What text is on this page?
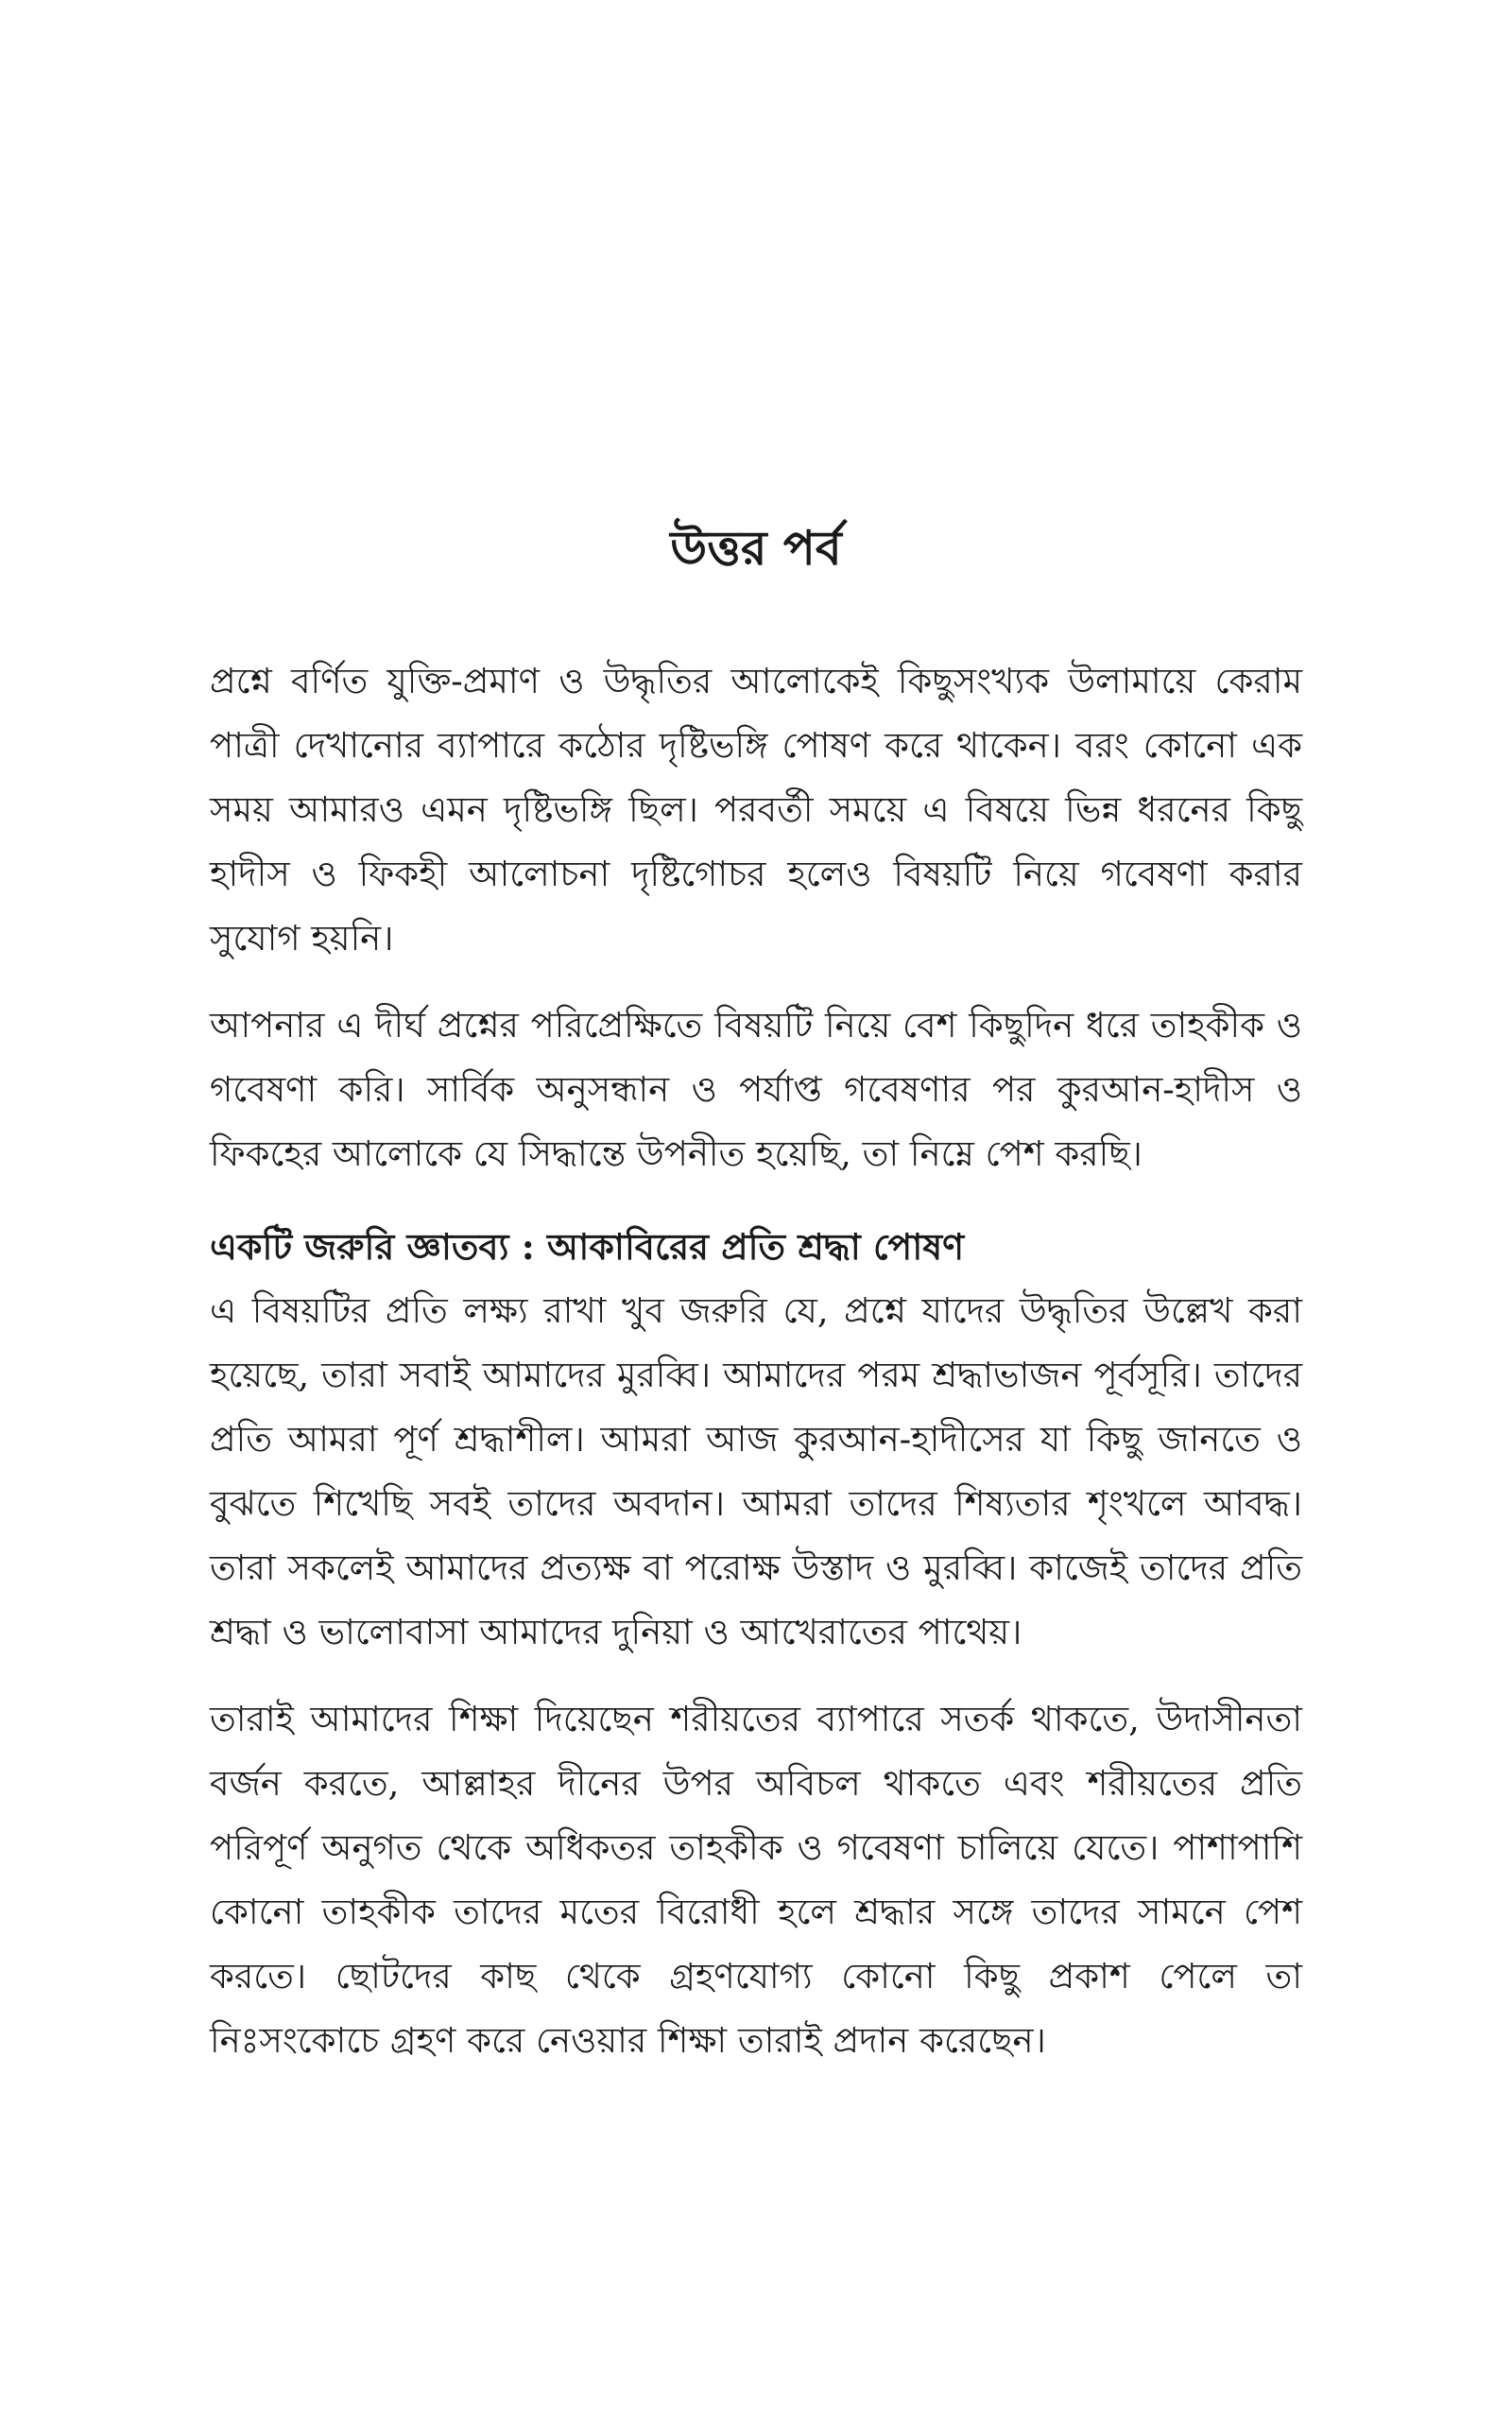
উত্তর পর্ব

প্রশ্নে বর্ণিত যুক্তি-প্রমাণ ও উদ্ধৃতির আলোকেই কিছুসংখ্যক উলামায়ে কেরাম পাত্রী দেখানোর ব্যাপারে কঠোর দৃষ্টিভঙ্গি পোষণ করে থাকেন। বরং কোনো এক সময় আমারও এমন দৃষ্টিভঙ্গি ছিল। পরবর্তী সময়ে এ বিষয়ে ভিন্ন ধরনের কিছু হাদীস ও ফিকহী আলোচনা দৃষ্টিগোচর হলেও বিষয়টি নিয়ে গবেষণা করার সুযোগ হয়নি।

আপনার এ দীর্ঘ প্রশ্নের পরিপ্রেক্ষিতে বিষয়টি নিয়ে বেশ কিছুদিন ধরে তাহকীক ও গবেষণা করি। সার্বিক অনুসন্ধান ও পর্যাপ্ত গবেষণার পর কুরআন-হাদীস ও ফিকহের আলোকে যে সিদ্ধান্তে উপনীত হয়েছি, তা নিম্নে পেশ করছি।

একটি জরুরি জ্ঞাতব্য : আকাবিরের প্রতি শ্রদ্ধা পোষণ

এ বিষয়টির প্রতি লক্ষ্য রাখা খুব জরুরি যে, প্রশ্নে যাদের উদ্ধৃতির উল্লেখ করা হয়েছে, তারা সবাই আমাদের মুরব্বি। আমাদের পরম শ্রদ্ধাভাজন পূর্বসূরি। তাদের প্রতি আমরা পূর্ণ শ্রদ্ধাশীল। আমরা আজ কুরআন-হাদীসের যা কিছু জানতে ও বুঝতে শিখেছি সবই তাদের অবদান। আমরা তাদের শিষ্যতার শৃংখলে আবদ্ধ। তারা সকলেই আমাদের প্রত্যক্ষ বা পরোক্ষ উস্তাদ ও মুরব্বি। কাজেই তাদের প্রতি শ্রদ্ধা ও ভালোবাসা আমাদের দুনিয়া ও আখেরাতের পাথেয়।

তারাই আমাদের শিক্ষা দিয়েছেন শরীয়তের ব্যাপারে সতর্ক থাকতে, উদাসীনতা বর্জন করতে, আল্লাহর দীনের উপর অবিচল থাকতে এবং শরীয়তের প্রতি পরিপূর্ণ অনুগত থেকে অধিকতর তাহকীক ও গবেষণা চালিয়ে যেতে। পাশাপাশি কোনো তাহকীক তাদের মতের বিরোধী হলে শ্রদ্ধার সঙ্গে তাদের সামনে পেশ করতে। ছোটদের কাছ থেকে গ্রহণযোগ্য কোনো কিছু প্রকাশ পেলে তা নিঃসংকোচে গ্রহণ করে নেওয়ার শিক্ষা তারাই প্রদান করেছেন।
